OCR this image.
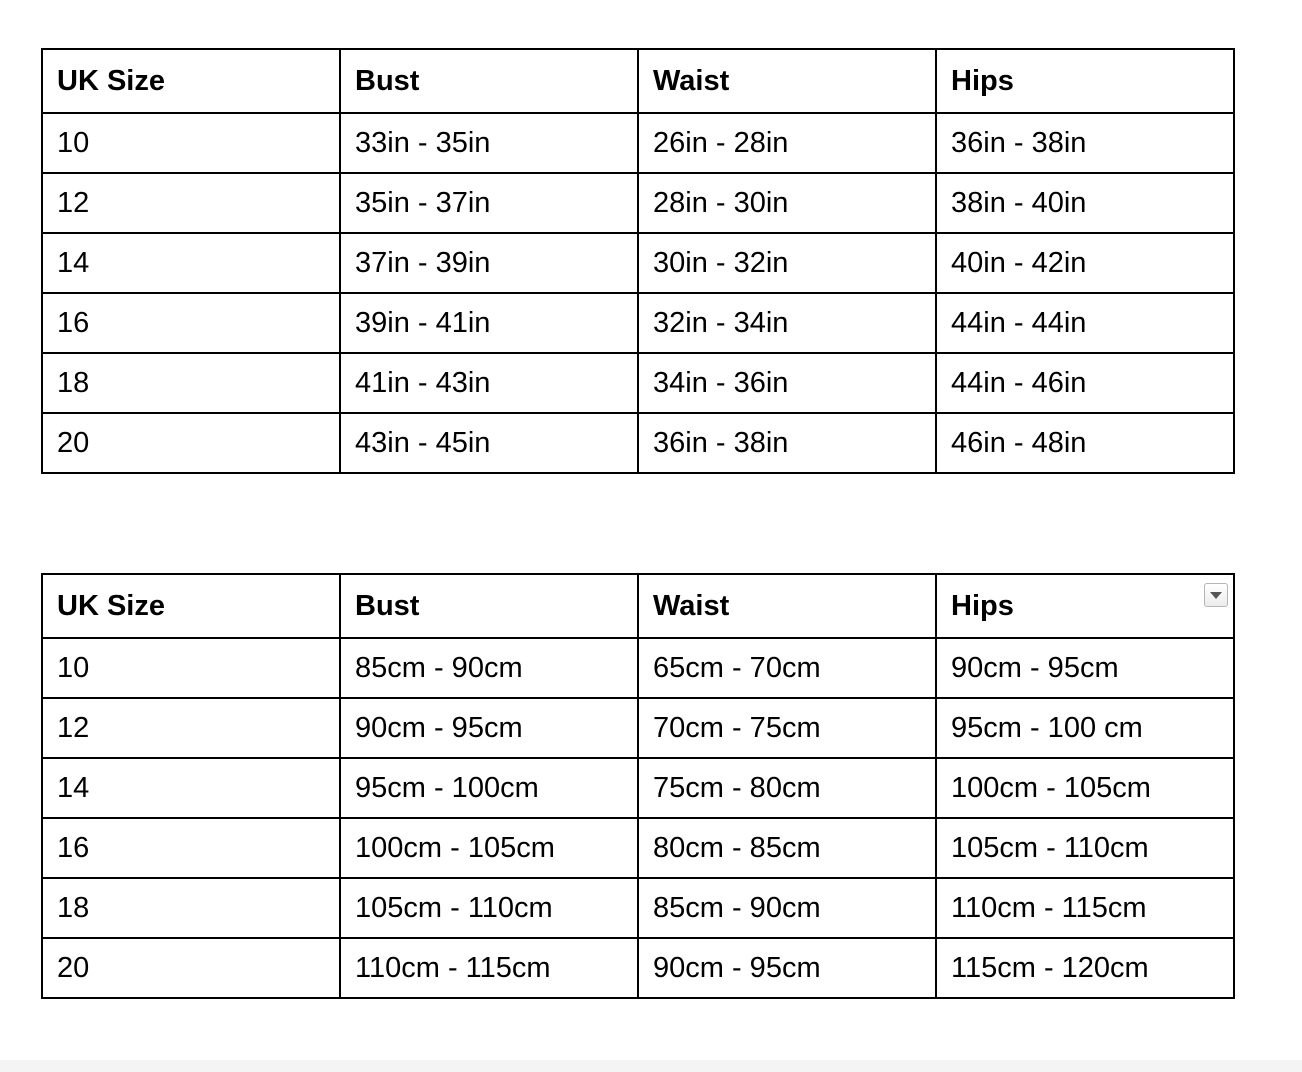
UK Size	Bust	Waist	Hips
10	33in - 35in	26in - 28in	36in - 38in
12	35in - 37in	28in - 30in	38in - 40in
14	37in - 39in	30in - 32in	40in - 42in
16	39in - 41in	32in - 34in	44in - 44in
18	41in - 43in	34in - 36in	44in - 46in
20	43in - 45in	36in - 38in	46in - 48in
UK Size	Bust	Waist	Hips

10	85cm - 90cm	65cm - 70cm	90cm - 95cm
12	90cm - 95cm	70cm - 75cm	95cm - 100 cm
14	95cm - 100cm	75cm - 80cm	100cm - 105cm
16	100cm - 105cm	80cm - 85cm	105cm - 110cm
18	105cm - 110cm	85cm - 90cm	110cm - 115cm
20	110cm - 115cm	90cm - 95cm	115cm - 120cm
